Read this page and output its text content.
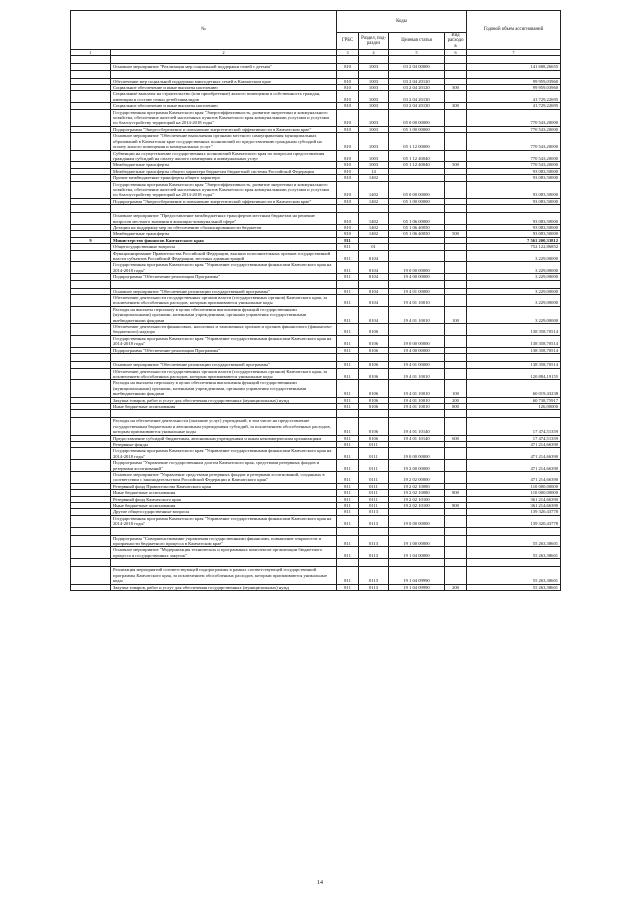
№		Коды				Годовой объем ассигнований
		ГРБС	Раздел, под-раздел	Целевая статья	Вид расходов	
1	2	3	4	5	6	7

	Основное мероприятие "Реализация мер социальной поддержки семей с детьми"	810	1003	03 2 04 00000		141 688,26655

	Обеспечение мер социальной поддержки многодетных семей в Камчатском крае	810	1003	03 2 04 20120		99 959,03960
	Социальное обеспечение и иные выплаты населению	810	1003	03 2 04 20120	300	99 959,03960
	Социальные выплаты на строительство (или приобретение) жилого помещения в собственность граждан, имеющим в составе семьи детей-инвалидов	810	1003	03 2 04 20130		41 729,22695
	Социальное обеспечение и иные выплаты населению	810	1003	03 2 04 20130	300	41 729,22695
	Государственная программа Камчатского края "Энергоэффективность, развитие энергетики и коммунального хозяйства, обеспечение жителей населенных пунктов Камчатского края коммунальными услугами и услугами по благоустройству территорий на 2014-2018 годы"	810	1003	05 0 00 00000		770 543,20000
	Подпрограмма "Энергосбережение и повышение энергетической эффективности в Камчатском крае"	810	1003	05 1 00 00000		770 543,20000
	Основное мероприятие "Обеспечение выполнения органами местного самоуправления муниципальных образований в Камчатском крае государственных полномочий по предоставлению гражданам субсидий на оплату жилого помещения и коммунальных услуг"	810	1003	05 1 12 00000		770 543,20000
	Субвенции на осуществление государственных полномочий Камчатского края по вопросам предоставления гражданам субсидий на оплату жилого помещения и коммунальных услуг	810	1003	05 1 12 40040		770 543,20000
	Межбюджетные трансферты	810	1003	05 1 12 40040	500	770 543,20000
	Межбюджетные трансферты общего характера бюджетам бюджетной системы Российской Федерации	810	14			93 083,50000
	Прочие межбюджетные трансферты общего характера	810	1402			93 083,50000
	Государственная программа Камчатского края "Энергоэффективность, развитие энергетики и коммунального хозяйства, обеспечение жителей населенных пунктов Камчатского края коммунальными услугами и услугами по благоустройству территорий на 2014-2018 годы"	810	1402	05 0 00 00000		93 083,50000
	Подпрограмма "Энергосбережение и повышение энергетической эффективности в Камчатском крае"	810	1402	05 1 00 00000		93 083,50000

	Основное мероприятие "Предоставление межбюджетных трансфертов местным бюджетам на решение вопросов местного значения в жилищно-коммунальной сфере"	810	1402	05 1 06 00000		93 083,50000
	Дотации на поддержку мер по обеспечению сбалансированности бюджетов	810	1402	05 1 06 40050		93 083,50000
	Межбюджетные трансферты	810	1402	05 1 06 40050	500	93 083,50000
9	Министерство финансов Камчатского края	811				7 561 200,33812
	Общегосударственные вопросы	811	01			752 122,86852
	Функционирование Правительства Российской Федерации, высших исполнительных органов государственной власти субъектов Российской Федерации, местных администраций	811	0104			3 229,00000
	Государственная программа Камчатского края "Управление государственными финансами Камчатского края на 2014-2018 годы"	811	0104	19 0 00 00000		3 229,00000
	Подпрограмма "Обеспечение реализации Программы"	811	0104	19 4 00 00000		3 229,00000

	Основное мероприятие "Обеспечение реализации государственной программы"	811	0104	19 4 01 00000		3 229,00000
	Обеспечение деятельности государственных органов власти (государственных органов) Камчатского края, за исключением обособленных расходов, которым присваиваются уникальные коды	811	0104	19 4 01 10010		3 229,00000
	Расходы на выплаты персоналу в целях обеспечения выполнения функций государственными (муниципальными) органами, казенными учреждениями, органами управления государственными внебюджетными фондами	811	0104	19 4 01 10010	100	3 229,00000
	Обеспечение деятельности финансовых, налоговых и таможенных органов и органов финансового (финансово-бюджетного) надзора	811	0106			138 358,70514
	Государственная программа Камчатского края "Управление государственными финансами Камчатского края на 2014-2018 годы"	811	0106	19 0 00 00000		138 358,70514
	Подпрограмма "Обеспечение реализации Программы"	811	0106	19 4 00 00000		138 358,70514

	Основное мероприятие "Обеспечение реализации государственной программы"	811	0106	19 4 01 00000		138 358,70514
	Обеспечение деятельности государственных органов власти (государственных органов) Камчатского края, за исключением обособленных расходов, которым присваиваются уникальные коды	811	0106	19 4 01 10010		120 884,19155
	Расходы на выплаты персоналу в целях обеспечения выполнения функций государственными (муниципальными) органами, казенными учреждениями, органами управления государственными внебюджетными фондами	811	0106	19 4 01 10010	100	60 019,43238
	Закупка товаров, работ и услуг для обеспечения государственных (муниципальных) нужд	811	0106	19 4 01 10010	200	60 738,75917
	Иные бюджетные ассигнования	811	0106	19 4 01 10010	800	126,00000

	Расходы на обеспечение деятельности (оказание услуг) учреждений, в том числе на предоставление государственным бюджетным и автономным учреждениям субсидий, за исключением обособленных расходов, которым присваиваются уникальные коды	811	0106	19 4 01 10140		17 474,51359
	Предоставление субсидий бюджетным, автономным учреждениям и иным некоммерческим организациям	811	0106	19 4 01 10140	600	17 474,51359
	Резервные фонды	811	0111			471 214,66390
	Государственная программа Камчатского края "Управление государственными финансами Камчатского края на 2014-2018 годы"	811	0111	19 0 00 00000		471 214,66390
	Подпрограмма "Управление государственным долгом Камчатского края, средствами резервных фондов и резервами ассигнований"	811	0111	19 2 00 00000		471 214,66390
	Основное мероприятие "Управление средствами резервных фондов и резервами ассигнований, созданных в соответствии с законодательством Российской Федерации и Камчатского края"	811	0111	19 2 02 00000		471 214,66390
	Резервный фонд Правительства Камчатского края	811	0111	19 2 02 10080		110 000,00000
	Иные бюджетные ассигнования	811	0111	19 2 02 10080	800	110 000,00000
	Резервный фонд Камчатского края	811	0111	19 2 02 10100		361 214,66390
	Иные бюджетные ассигнования	811	0111	19 2 02 10100	800	361 214,66390
	Другие общегосударственные вопросы	811	0113			139 320,43778
	Государственная программа Камчатского края "Управление государственными финансами Камчатского края на 2014-2018 годы"	811	0113	19 0 00 00000		139 320,43778

	Подпрограмма "Совершенствование управления государственными финансами, повышение открытости и прозрачности бюджетного процесса в Камчатском крае"	811	0113	19 1 00 00000		55 263,38601
	Основное мероприятие "Модернизация технических и программных комплексов организации бюджетного процесса в государственных закупок"	811	0113	19 1 04 00000		55 263,38601

	Реализация мероприятий соответствующей подпрограммы в рамках соответствующей государственной программы Камчатского края, за исключением обособленных расходов, которым присваиваются уникальные коды	811	0113	19 1 04 09990		55 263,38601
	Закупка товаров, работ и услуг для обеспечения государственных (муниципальных) нужд	811	0113	19 1 04 09990	200	55 263,38601
14
